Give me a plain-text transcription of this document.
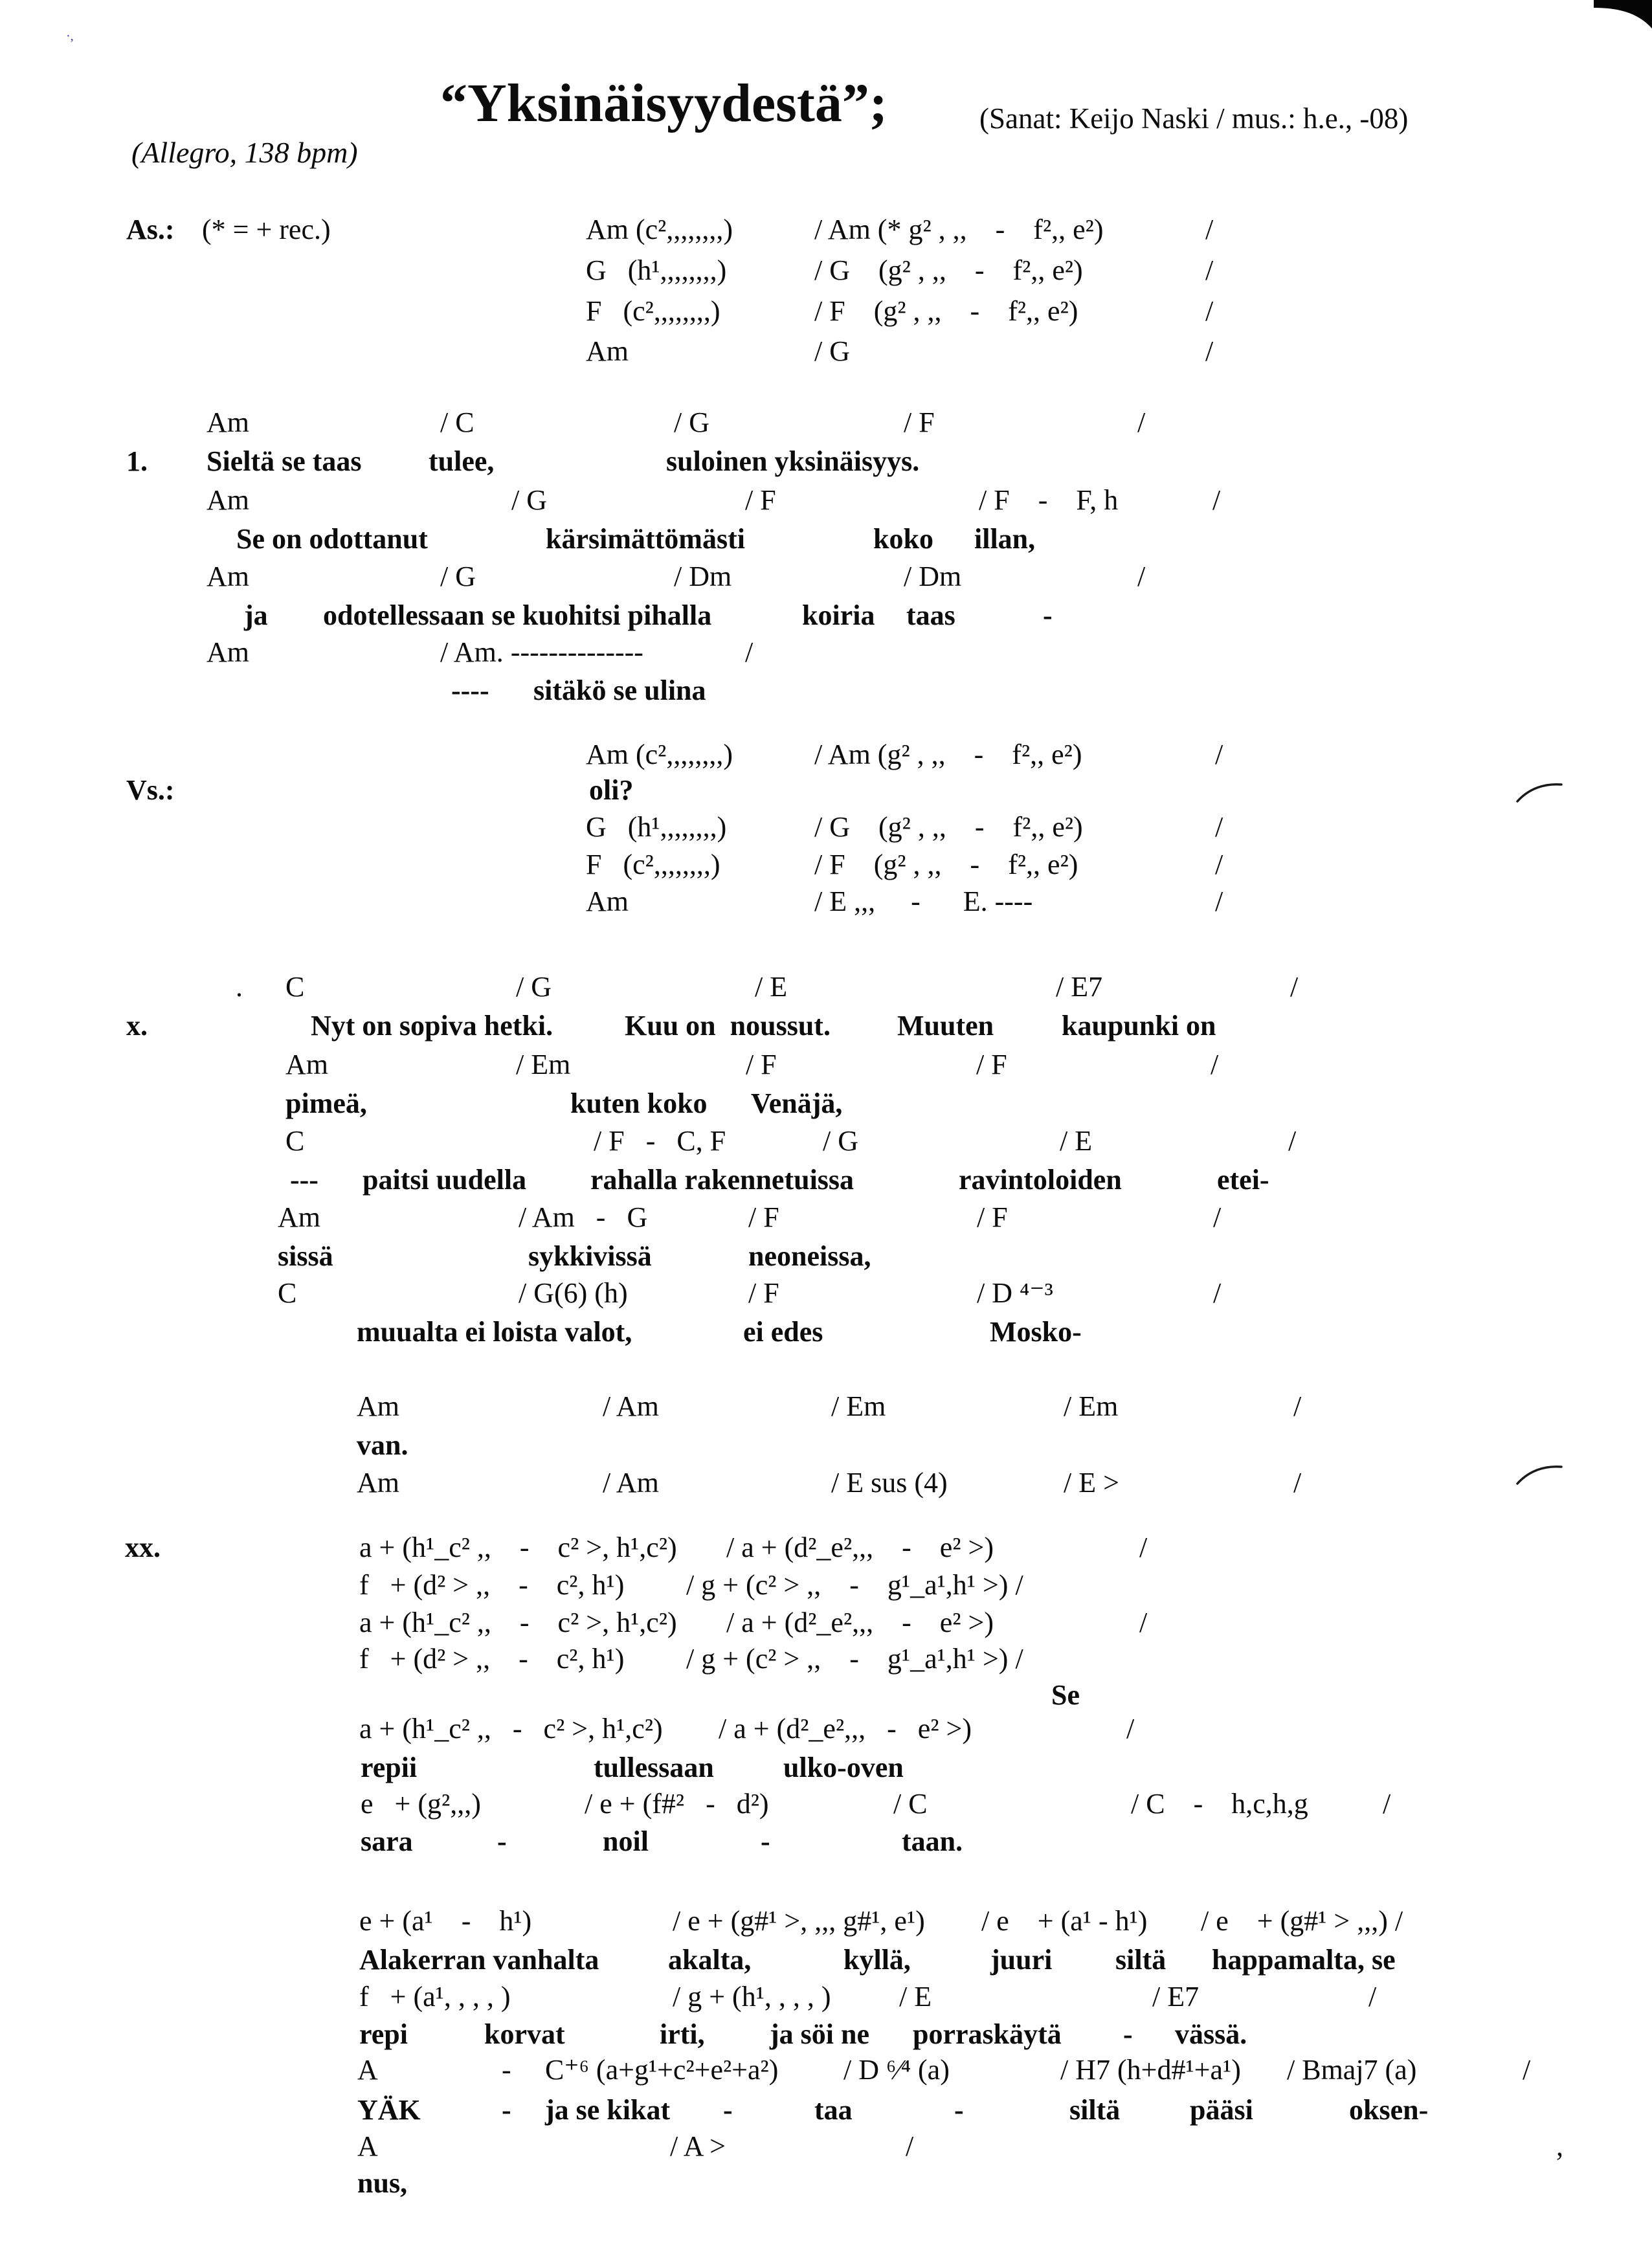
·,
“Yksinäisyydestä”;	(Sanat: Keijo Naski / mus.: h.e., -08)
(Allegro, 138 bpm)
As.: (* = + rec.)	Am (c²,,,,,,,,)	/ Am (* g² , ,,    -    f²,, e²)	/
G   (h¹,,,,,,,,)	/ G    (g² , ,,    -    f²,, e²)	/
F   (c²,,,,,,,,)	/ F    (g² , ,,    -    f²,, e²)	/
Am	/ G	/
Am	/ C	/ G	/ F	/
1. Sieltä se taas tulee,	suloinen yksinäisyys.
Am	/ G	/ F	/ F    -    F, h	/
Se on odottanut	kärsimättömästi	koko illan,
Am	/ G	/ Dm	/ Dm	/
ja odotellessaan se kuohitsi pihalla	koiria taas	-
Am	/ Am. --------------	/
---- sitäkö se ulina
Am (c²,,,,,,,,)	/ Am (g² , ,,    -    f²,, e²)	/
Vs.:	oli?
G   (h¹,,,,,,,,)	/ G    (g² , ,,    -    f²,, e²)	/
F   (c²,,,,,,,,)	/ F    (g² , ,,    -    f²,, e²)	/
Am	/ E ,,,     -      E. ----	/
. C	/ G	/ E	/ E7	/
x.	Nyt on sopiva hetki.	Kuu on  noussut. Muuten kaupunki on
Am	/ Em	/ F	/ F	/
pimeä,	kuten koko Venäjä,
C	/ F   -   C, F	/ G	/ E	/
--- paitsi uudella rahalla rakennetuissa	ravintoloiden	etei-
Am	/ Am   -   G	/ F	/ F	/
sissä	sykkivissä	neoneissa,
C	/ G(6) (h)	/ F	/ D ⁴⁻³	/
muualta ei loista valot,	ei edes	Mosko-
Am	/ Am	/ Em	/ Em	/
van.
Am	/ Am	/ E sus (4)	/ E >	/
xx.	a + (h¹_c² ,,    -    c² >, h¹,c²) / a + (d²_e²,,,    -    e² >)	/
f   + (d² > ,,    -    c², h¹) / g + (c² > ,,    -    g¹_a¹,h¹ >) /
a + (h¹_c² ,,    -    c² >, h¹,c²) / a + (d²_e²,,,    -    e² >)	/
f   + (d² > ,,    -    c², h¹) / g + (c² > ,,    -    g¹_a¹,h¹ >) /
Se
a + (h¹_c² ,,   -   c² >, h¹,c²) / a + (d²_e²,,,   -   e² >)	/
repii	tullessaan ulko-oven
e   + (g²,,,)	/ e + (f#²   -   d²)	/ C	/ C    -    h,c,h,g	/
sara	-	noil	-	taan.
e + (a¹    -    h¹)	/ e + (g#¹ >, ,,, g#¹, e¹) / e    + (a¹ - h¹) / e    + (g#¹ > ,,,) /
Alakerran vanhalta akalta,	kyllä,	juuri siltä happamalta, se
f   + (a¹, , , , )	/ g + (h¹, , , , ) / E	/ E7	/
repi	korvat	irti, ja söi ne porraskäytä - vässä.
A	- C⁺⁶ (a+g¹+c²+e²+a²) / D ⁶⁄⁴ (a)	/ H7 (h+d#¹+a¹) / Bmaj7 (a)	/
YÄK	- ja se kikat -	taa	-	siltä pääsi	oksen-
A	/ A >	/	,
nus,
